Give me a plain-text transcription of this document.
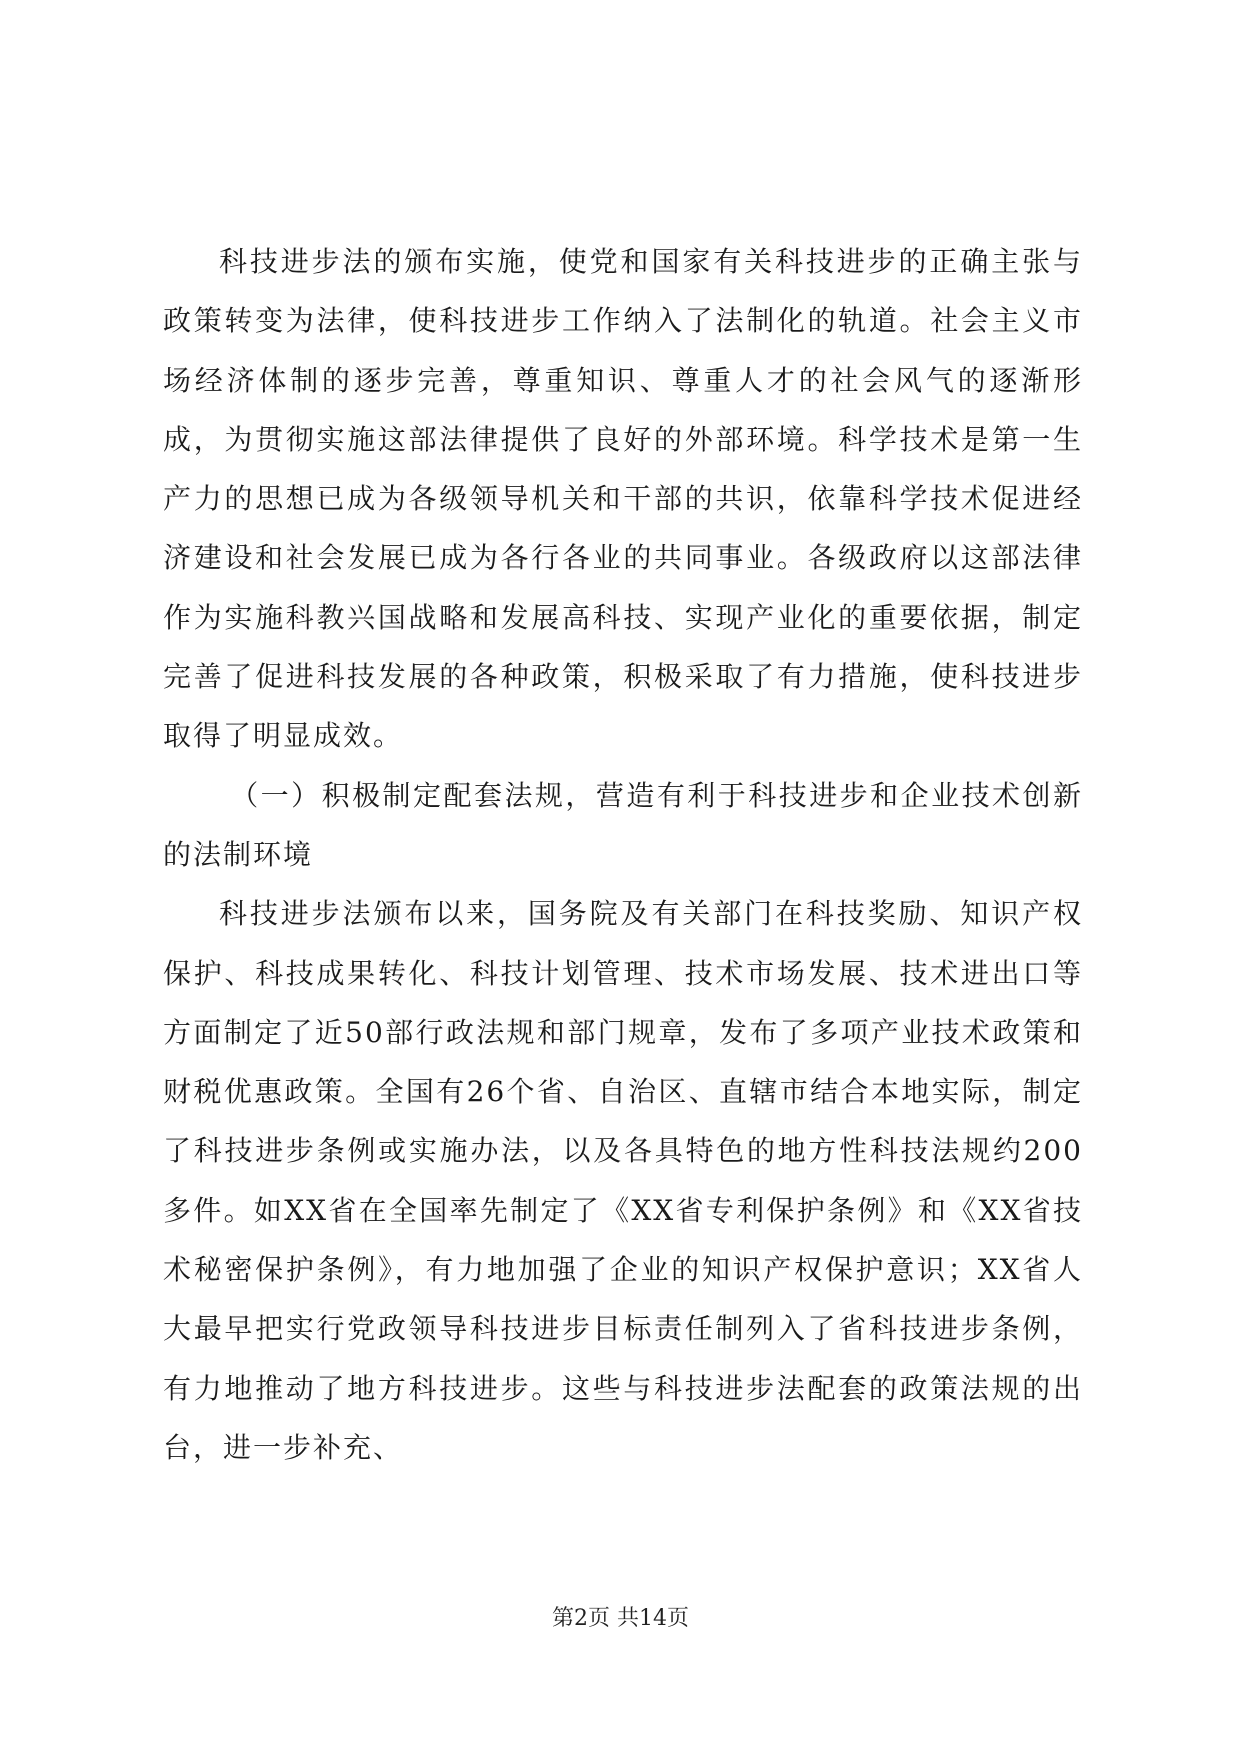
科技进步法的颁布实施，使党和国家有关科技进步的正确主张与政策转变为法律，使科技进步工作纳入了法制化的轨道。社会主义市场经济体制的逐步完善，尊重知识、尊重人才的社会风气的逐渐形成，为贯彻实施这部法律提供了良好的外部环境。科学技术是第一生产力的思想已成为各级领导机关和干部的共识，依靠科学技术促进经济建设和社会发展已成为各行各业的共同事业。各级政府以这部法律作为实施科教兴国战略和发展高科技、实现产业化的重要依据，制定完善了促进科技发展的各种政策，积极采取了有力措施，使科技进步取得了明显成效。

（一）积极制定配套法规，营造有利于科技进步和企业技术创新的法制环境

科技进步法颁布以来，国务院及有关部门在科技奖励、知识产权保护、科技成果转化、科技计划管理、技术市场发展、技术进出口等方面制定了近50部行政法规和部门规章，发布了多项产业技术政策和财税优惠政策。全国有26个省、自治区、直辖市结合本地实际，制定了科技进步条例或实施办法，以及各具特色的地方性科技法规约200多件。如XX省在全国率先制定了《XX省专利保护条例》和《XX省技术秘密保护条例》，有力地加强了企业的知识产权保护意识；XX省人大最早把实行党政领导科技进步目标责任制列入了省科技进步条例，有力地推动了地方科技进步。这些与科技进步法配套的政策法规的出台，进一步补充、

第2页 共14页
